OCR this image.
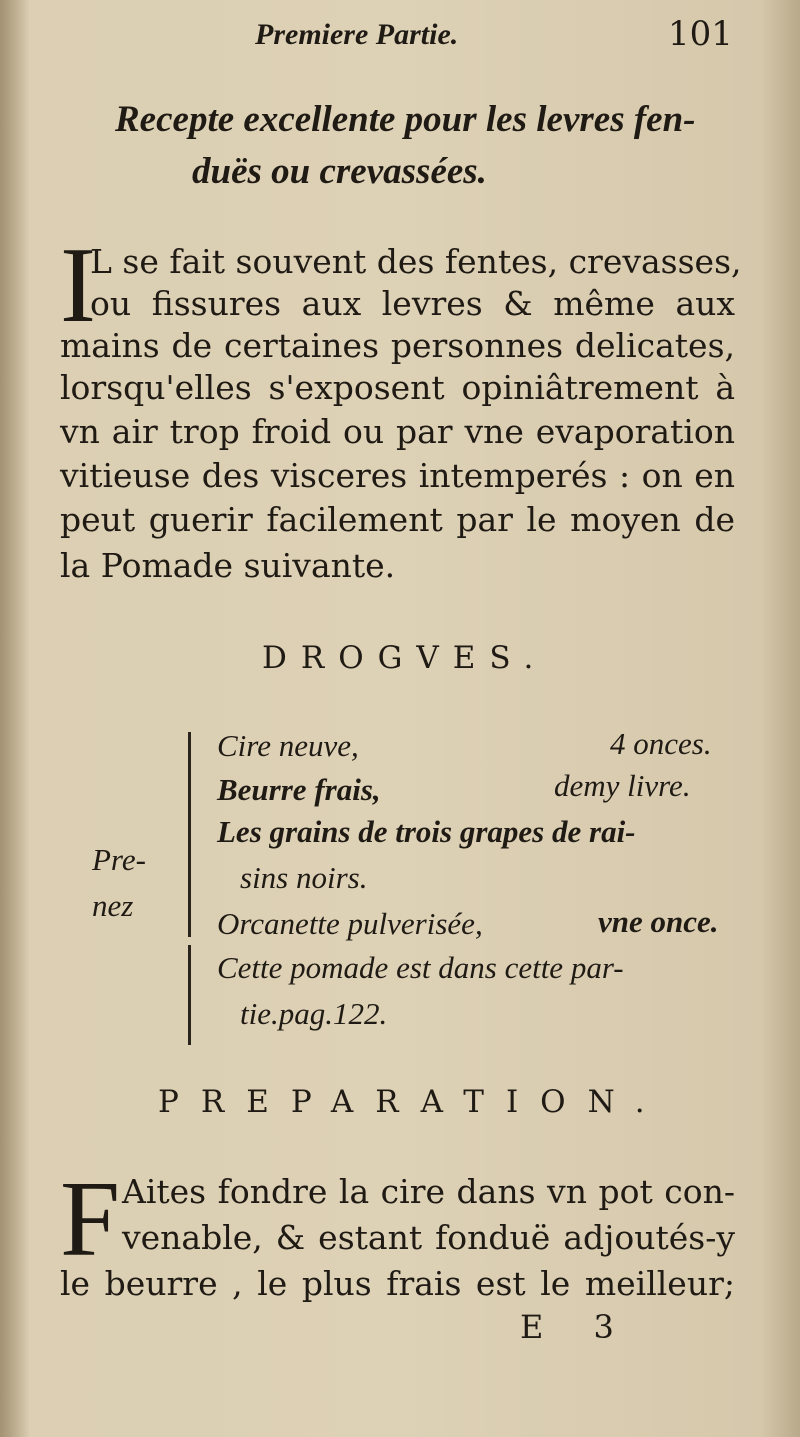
Premiere Partie.	101
Recepte excellente pour les levres fen-
duës ou crevassées.
I
L se fait souvent des fentes, crevasses,
ou fissures aux levres & même aux
mains de certaines personnes delicates,
lorsqu'elles s'exposent opiniâtrement à
vn air trop froid ou par vne evaporation
vitieuse des visceres intemperés : on en
peut guerir facilement par le moyen de
la Pomade suivante.
DROGVES.
Pre-
nez
Cire neuve,	4 onces.
Beurre frais,	demy livre.
Les grains de trois grapes de rai-
sins noirs.
Orcanette pulverisée,	vne once.
Cette pomade est dans cette par-
tie.pag.122.
PREPARATION.
F Aites fondre la cire dans vn pot con-
venable, & estant fonduë adjoutés-y
le beurre , le plus frais est le meilleur;
E 3
